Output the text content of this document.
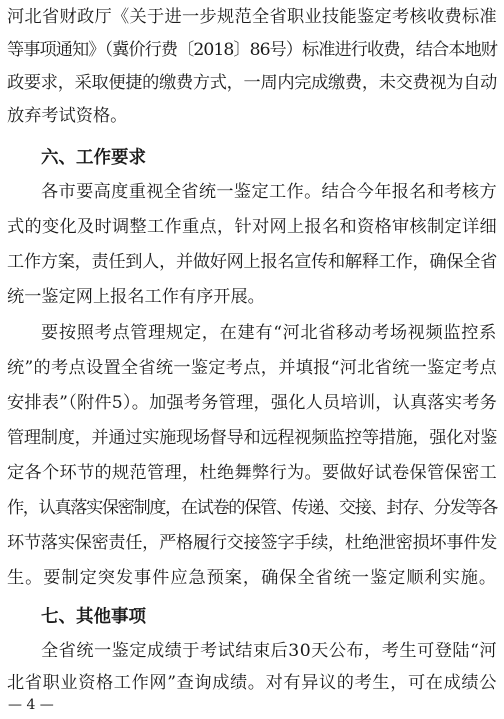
河北省财政厅《关于进一步规范全省职业技能鉴定考核收费标准
等事项通知》（冀价行费〔2018〕86号）标准进行收费，结合本地财
政要求，采取便捷的缴费方式，一周内完成缴费，未交费视为自动
放弃考试资格。
六、工作要求
各市要高度重视全省统一鉴定工作。结合今年报名和考核方
式的变化及时调整工作重点，针对网上报名和资格审核制定详细
工作方案，责任到人，并做好网上报名宣传和解释工作，确保全省
统一鉴定网上报名工作有序开展。
要按照考点管理规定，在建有“河北省移动考场视频监控系
统”的考点设置全省统一鉴定考点，并填报“河北省统一鉴定考点
安排表”（附件5）。加强考务管理，强化人员培训，认真落实考务
管理制度，并通过实施现场督导和远程视频监控等措施，强化对鉴
定各个环节的规范管理，杜绝舞弊行为。要做好试卷保管保密工
作，认真落实保密制度，在试卷的保管、传递、交接、封存、分发等各
环节落实保密责任，严格履行交接签字手续，杜绝泄密损坏事件发
生。要制定突发事件应急预案，确保全省统一鉴定顺利实施。
七、其他事项
全省统一鉴定成绩于考试结束后30天公布，考生可登陆“河
北省职业资格工作网”查询成绩。对有异议的考生，可在成绩公
— 4 —
